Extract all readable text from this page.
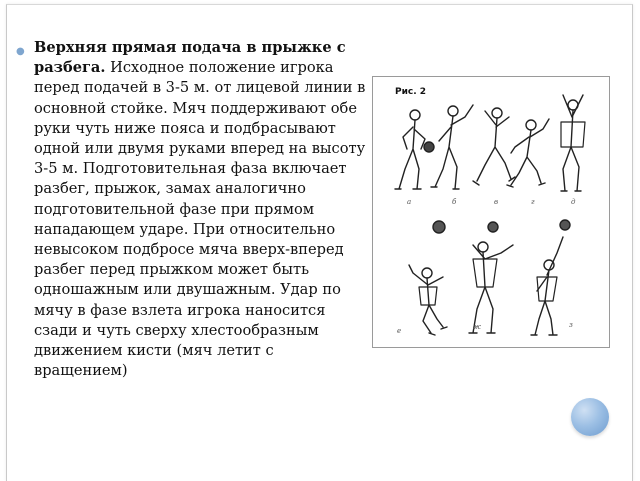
● Верхняя прямая подача в прыжке с разбега. Исходное положение игрока перед подачей в 3-5 м. от лицевой линии в основной стойке. Мяч поддерживают обе руки чуть ниже пояса и подбрасывают одной или двумя руками вперед на высоту 3-5 м. Подготовительная фаза включает разбег, прыжок, замах аналогично подготовительной фазе при прямом нападающем ударе. При относительно невысоком подбросе мяча вверх-вперед разбег перед прыжком может быть одношажным или двушажным. Удар по мячу в фазе взлета игрока наносится сзади и чуть сверху хлестообразным движением кисти (мяч летит с вращением)

Рис. 2
а	б	в	г	д
е	ж	з
